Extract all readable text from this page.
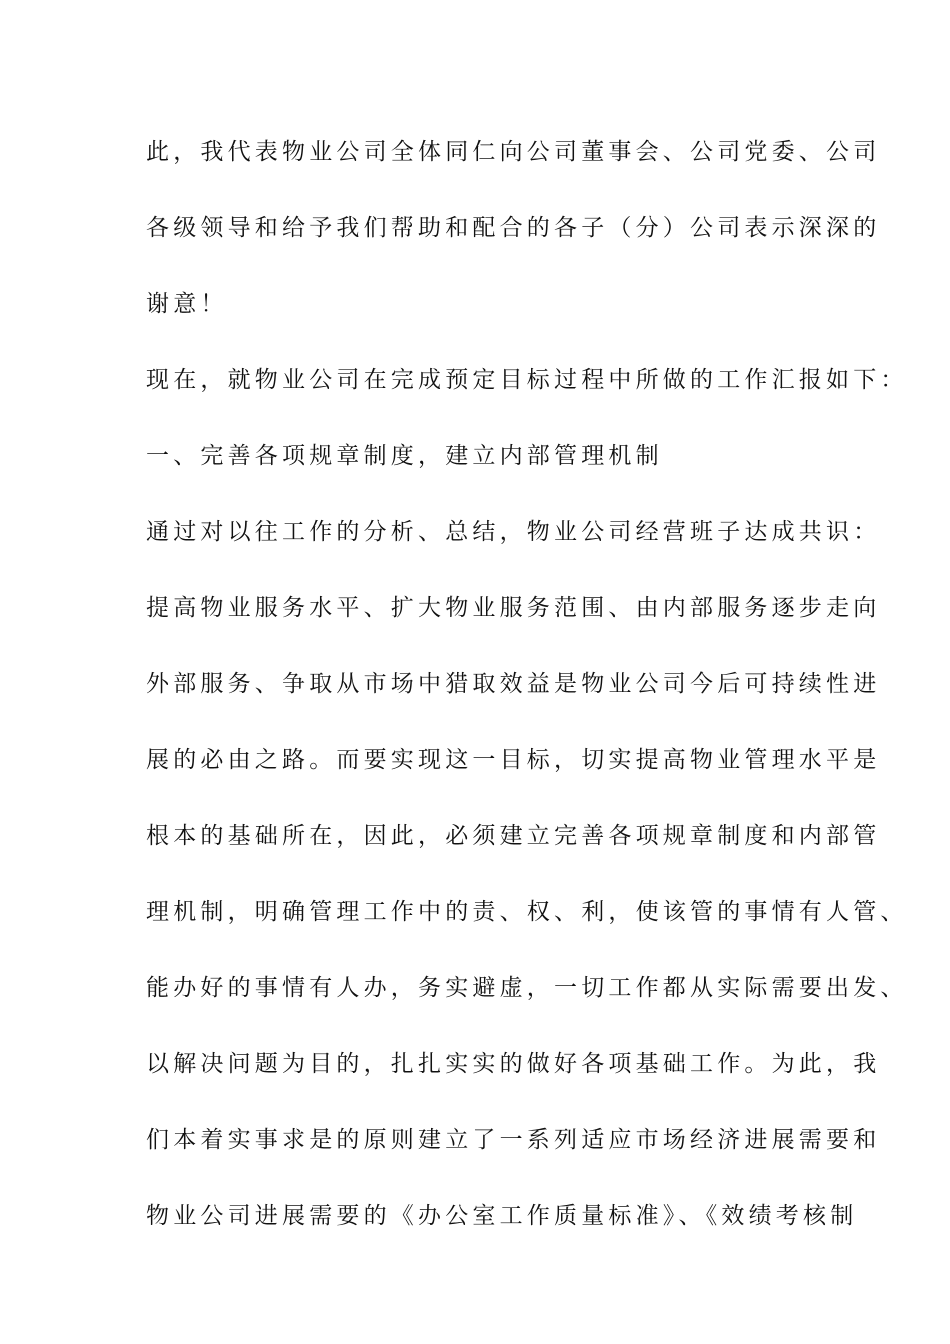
此，我代表物业公司全体同仁向公司董事会、公司党委、公司
各级领导和给予我们帮助和配合的各子（分）公司表示深深的
谢意！
现在，就物业公司在完成预定目标过程中所做的工作汇报如下：
一、完善各项规章制度，建立内部管理机制
通过对以往工作的分析、总结，物业公司经营班子达成共识：
提高物业服务水平、扩大物业服务范围、由内部服务逐步走向
外部服务、争取从市场中猎取效益是物业公司今后可持续性进
展的必由之路。而要实现这一目标，切实提高物业管理水平是
根本的基础所在，因此，必须建立完善各项规章制度和内部管
理机制，明确管理工作中的责、权、利，使该管的事情有人管、
能办好的事情有人办，务实避虚，一切工作都从实际需要出发、
以解决问题为目的，扎扎实实的做好各项基础工作。为此，我
们本着实事求是的原则建立了一系列适应市场经济进展需要和
物业公司进展需要的《办公室工作质量标准》、《效绩考核制
